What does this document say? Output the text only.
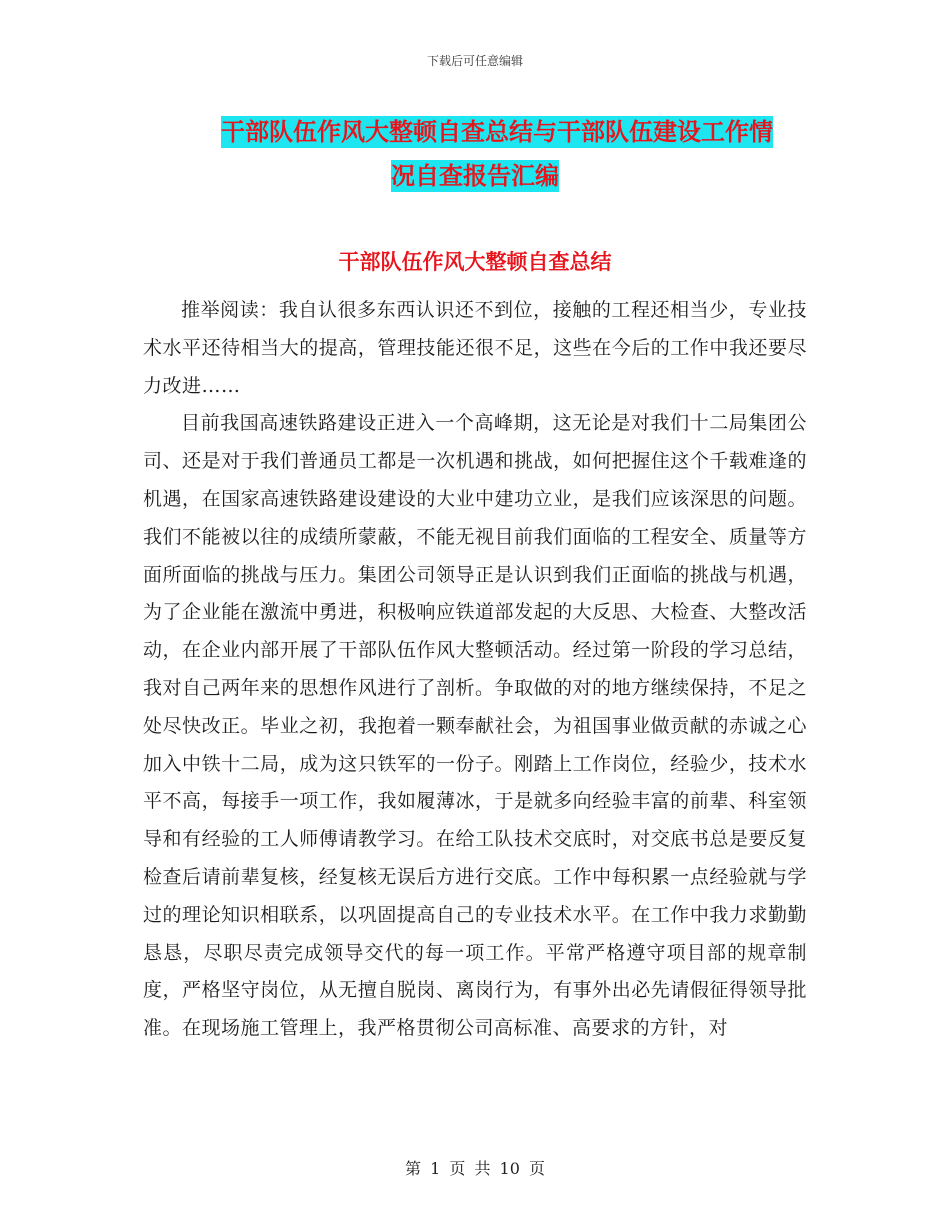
下载后可任意编辑
干部队伍作风大整顿自查总结与干部队伍建设工作情
况自查报告汇编
干部队伍作风大整顿自查总结

推举阅读：我自认很多东西认识还不到位，接触的工程还相当少，专业技术水平还待相当大的提高，管理技能还很不足，这些在今后的工作中我还要尽力改进……

目前我国高速铁路建设正进入一个高峰期，这无论是对我们十二局集团公司、还是对于我们普通员工都是一次机遇和挑战，如何把握住这个千载难逢的机遇，在国家高速铁路建设建设的大业中建功立业，是我们应该深思的问题。我们不能被以往的成绩所蒙蔽，不能无视目前我们面临的工程安全、质量等方面所面临的挑战与压力。集团公司领导正是认识到我们正面临的挑战与机遇，为了企业能在激流中勇进，积极响应铁道部发起的大反思、大检查、大整改活动，在企业内部开展了干部队伍作风大整顿活动。经过第一阶段的学习总结，我对自己两年来的思想作风进行了剖析。争取做的对的地方继续保持，不足之处尽快改正。毕业之初，我抱着一颗奉献社会，为祖国事业做贡献的赤诚之心加入中铁十二局，成为这只铁军的一份子。刚踏上工作岗位，经验少，技术水平不高，每接手一项工作，我如履薄冰，于是就多向经验丰富的前辈、科室领导和有经验的工人师傅请教学习。在给工队技术交底时，对交底书总是要反复检查后请前辈复核，经复核无误后方进行交底。工作中每积累一点经验就与学过的理论知识相联系，以巩固提高自己的专业技术水平。在工作中我力求勤勤恳恳，尽职尽责完成领导交代的每一项工作。平常严格遵守项目部的规章制度，严格坚守岗位，从无擅自脱岗、离岗行为，有事外出必先请假征得领导批准。在现场施工管理上，我严格贯彻公司高标准、高要求的方针，对

第 1 页 共 10 页
